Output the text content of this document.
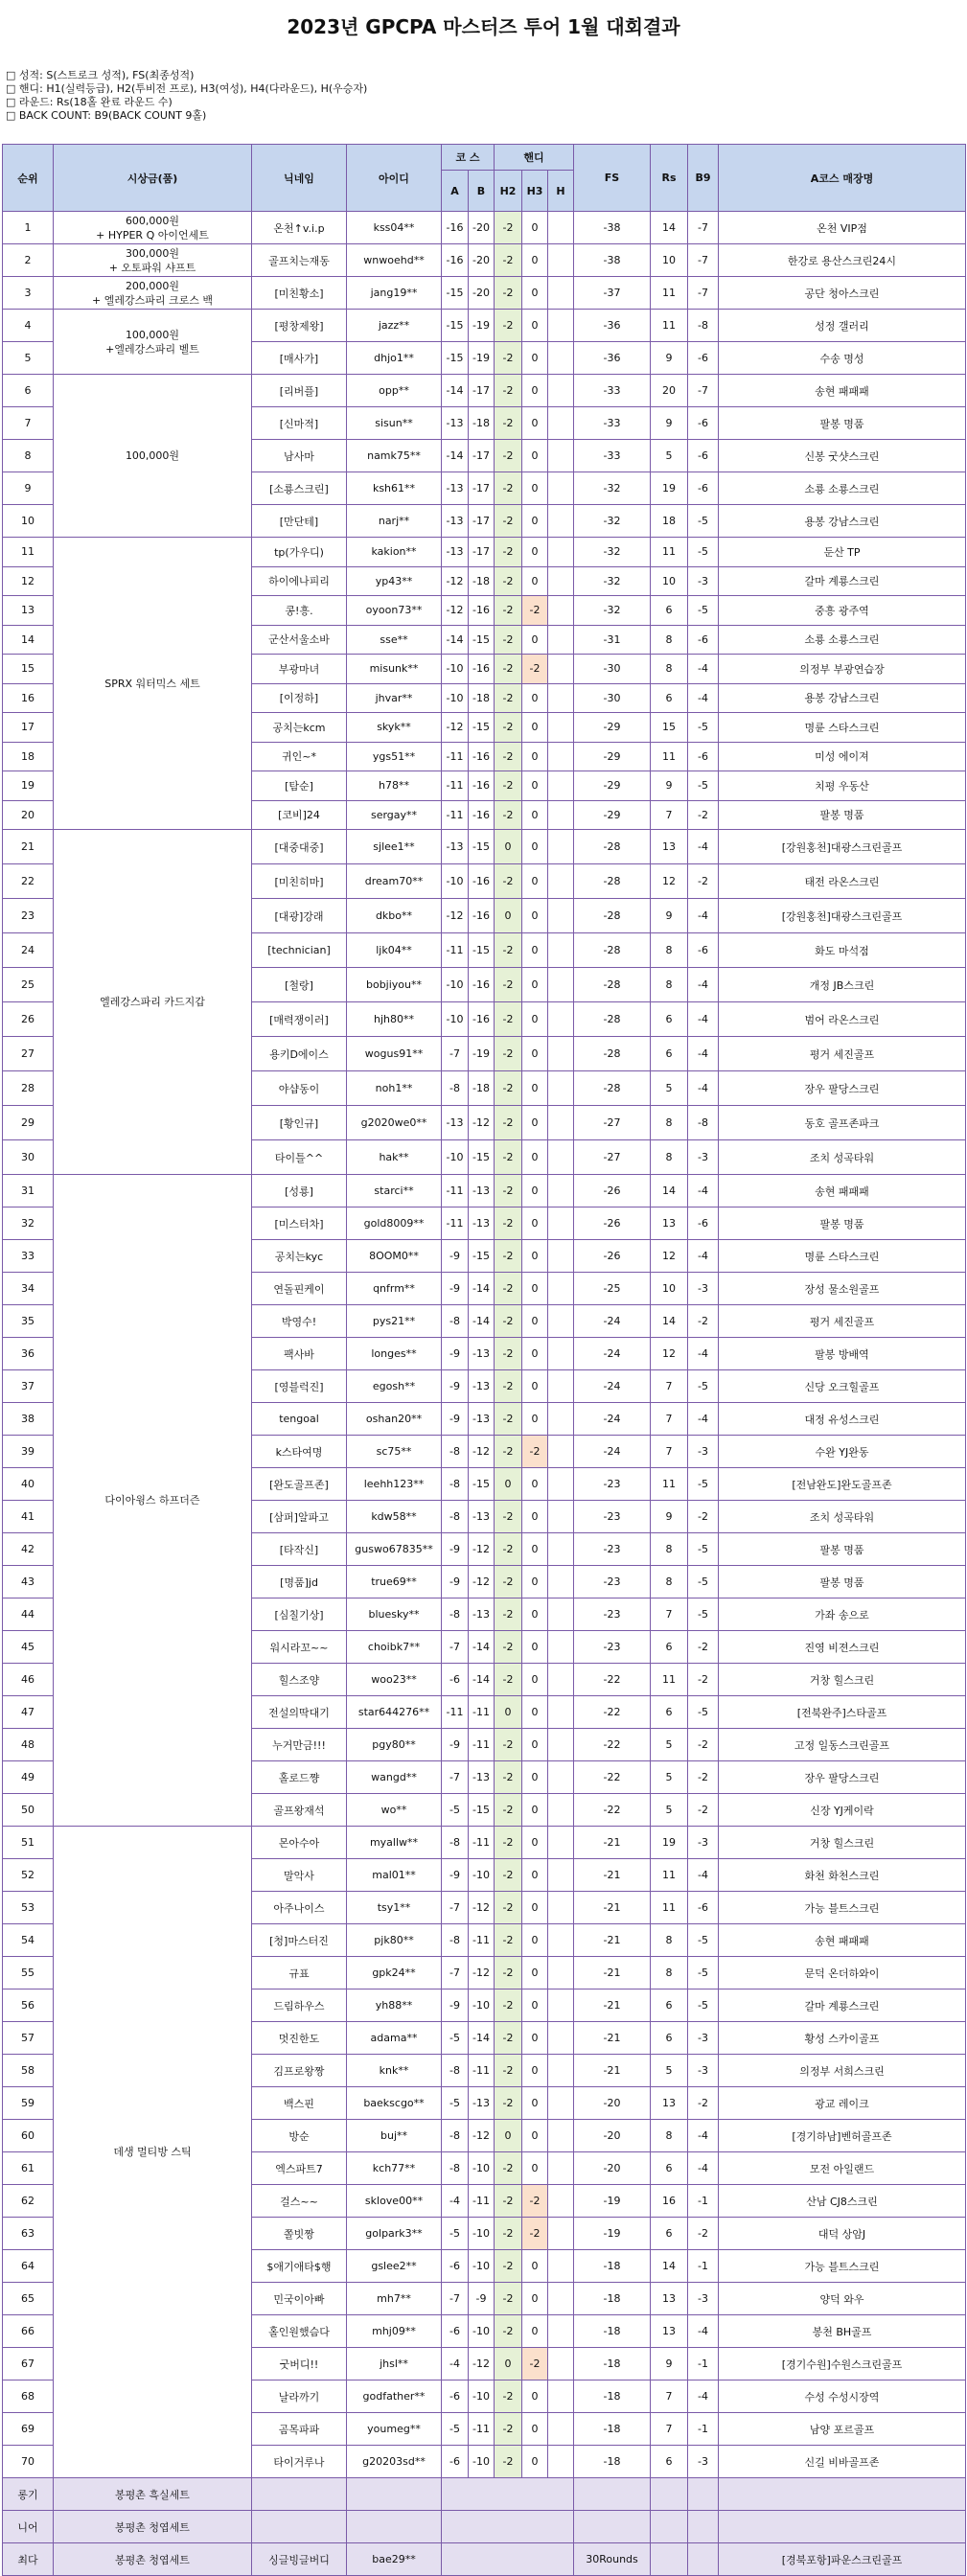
2023년 GPCPA 마스터즈 투어 1월 대회결과
□ 성적: S(스트로크 성적), FS(최종성적)
□ 핸디: H1(실력등급), H2(투비전 프로), H3(여성), H4(다라운드), H(우승자)
□ 라운드: Rs(18홀 완료 라운드 수)
□ BACK COUNT: B9(BACK COUNT 9홀)
순위	시상금(품)	닉네임	아이디	코 스		핸디			FS	Rs	B9	A코스 매장명
				A	B	H2	H3	H				
1	600,000원
+ HYPER Q 아이언세트	온천↑v.i.p	kss04**	-16	-20	-2	0		-38	14	-7	온천 VIP점
2	300,000원
+ 오토파워 샤프트	골프치는재동	wnwoehd**	-16	-20	-2	0		-38	10	-7	한강로 용산스크린24시
3	200,000원
+ 엘레강스파리 크로스 백	[미친황소]	jang19**	-15	-20	-2	0		-37	11	-7	공단 청아스크린
4	100,000원
+엘레강스파리 벨트	[평창제왕]	jazz**	-15	-19	-2	0		-36	11	-8	성정 갤러리
5		[매사가]	dhjo1**	-15	-19	-2	0		-36	9	-6	수송 명성
6	100,000원	[리버플]	opp**	-14	-17	-2	0		-33	20	-7	송현 패패패
7		[신마적]	sisun**	-13	-18	-2	0		-33	9	-6	팔봉 명품
8		남사마	namk75**	-14	-17	-2	0		-33	5	-6	신봉 굿샷스크린
9		[소룡스크린]	ksh61**	-13	-17	-2	0		-32	19	-6	소룡 소룡스크린
10		[만단테]	narj**	-13	-17	-2	0		-32	18	-5	용봉 강남스크린
11	SPRX 워터믹스 세트	tp(가우디)	kakion**	-13	-17	-2	0		-32	11	-5	둔산 TP
12		하이에나피리	yp43**	-12	-18	-2	0		-32	10	-3	갈마 계룡스크린
13		콩!흥.	oyoon73**	-12	-16	-2	-2		-32	6	-5	중흥 광주역
14		군산서울소바	sse**	-14	-15	-2	0		-31	8	-6	소룡 소룡스크린
15		부광마녀	misunk**	-10	-16	-2	-2		-30	8	-4	의정부 부광연습장
16		[이정하]	jhvar**	-10	-18	-2	0		-30	6	-4	용봉 강남스크린
17		공치는kcm	skyk**	-12	-15	-2	0		-29	15	-5	명륜 스타스크린
18		귀인~*	ygs51**	-11	-16	-2	0		-29	11	-6	미성 에이져
19		[탐순]	h78**	-11	-16	-2	0		-29	9	-5	치평 우동산
20		[코비]24	sergay**	-11	-16	-2	0		-29	7	-2	팔봉 명품
21	엘레강스파리 카드지갑	[대중대중]	sjlee1**	-13	-15	0	0		-28	13	-4	[강원홍천]대광스크린골프
22		[미친히마]	dream70**	-10	-16	-2	0		-28	12	-2	태전 라온스크린
23		[대광]강래	dkbo**	-12	-16	0	0		-28	9	-4	[강원홍천]대광스크린골프
24		[technician]	ljk04**	-11	-15	-2	0		-28	8	-6	화도 마석점
25		[철랑]	bobjiyou**	-10	-16	-2	0		-28	8	-4	개정 JB스크린
26		[매력쟁이러]	hjh80**	-10	-16	-2	0		-28	6	-4	범어 라온스크린
27		용키D에이스	wogus91**	-7	-19	-2	0		-28	6	-4	평거 세진골프
28		야샵동이	noh1**	-8	-18	-2	0		-28	5	-4	장우 팔당스크린
29		[황인규]	g2020we0**	-13	-12	-2	0		-27	8	-8	동호 골프존파크
30		타이틀^^	hak**	-10	-15	-2	0		-27	8	-3	조치 성곡타워
31	다이아윙스 하프더즌	[성룡]	starci**	-11	-13	-2	0		-26	14	-4	송현 패패패
32		[미스터차]	gold8009**	-11	-13	-2	0		-26	13	-6	팔봉 명품
33		공치는kyc	8OOM0**	-9	-15	-2	0		-26	12	-4	명륜 스타스크린
34		연돌핀케이	qnfrm**	-9	-14	-2	0		-25	10	-3	장성 물소원골프
35		박영수!	pys21**	-8	-14	-2	0		-24	14	-2	평거 세진골프
36		팩사바	longes**	-9	-13	-2	0		-24	12	-4	팔봉 방배역
37		[영블럭진]	egosh**	-9	-13	-2	0		-24	7	-5	신당 오크힐골프
38		tengoal	oshan20**	-9	-13	-2	0		-24	7	-4	대정 유성스크린
39		k스타여명	sc75**	-8	-12	-2	-2		-24	7	-3	수완 YJ완동
40		[완도골프존]	leehh123**	-8	-15	0	0		-23	11	-5	[전남완도]완도골프존
41		[삼퍼]알파고	kdw58**	-8	-13	-2	0		-23	9	-2	조치 성곡타워
42		[타작신]	guswo67835**	-9	-12	-2	0		-23	8	-5	팔봉 명품
43		[명품]jd	true69**	-9	-12	-2	0		-23	8	-5	팔봉 명품
44		[심칠기상]	bluesky**	-8	-13	-2	0		-23	7	-5	가좌 송으로
45		워시라꼬~~	choibk7**	-7	-14	-2	0		-23	6	-2	진영 비젼스크린
46		힐스조양	woo23**	-6	-14	-2	0		-22	11	-2	거창 힐스크린
47		전설의딱대기	star644276**	-11	-11	0	0		-22	6	-5	[전북완주]스타골프
48		누거만금!!!	pgy80**	-9	-11	-2	0		-22	5	-2	고정 일동스크린골프
49		홀로드쨩	wangd**	-7	-13	-2	0		-22	5	-2	장우 팔당스크린
50		골프왕재석	wo**	-5	-15	-2	0		-22	5	-2	신장 YJ케이락
51	데생 멀티방 스틱	몬아수아	myallw**	-8	-11	-2	0		-21	19	-3	거창 힐스크린
52		말악사	mal01**	-9	-10	-2	0		-21	11	-4	화천 화천스크린
53		아주나이스	tsy1**	-7	-12	-2	0		-21	11	-6	가능 블트스크린
54		[청]마스터진	pjk80**	-8	-11	-2	0		-21	8	-5	송현 패패패
55		규표	gpk24**	-7	-12	-2	0		-21	8	-5	문덕 온더하와이
56		드림하우스	yh88**	-9	-10	-2	0		-21	6	-5	갈마 계룡스크린
57		멋진한도	adama**	-5	-14	-2	0		-21	6	-3	황성 스카이골프
58		김프로왕짱	knk**	-8	-11	-2	0		-21	5	-3	의정부 서희스크린
59		백스핀	baekscgo**	-5	-13	-2	0		-20	13	-2	광교 레이크
60		방순	buj**	-8	-12	0	0		-20	8	-4	[경기하남]벤허골프존
61		엑스파트7	kch77**	-8	-10	-2	0		-20	6	-4	모전 아일랜드
62		걸스~~	sklove00**	-4	-11	-2	-2		-19	16	-1	산남 CJ8스크린
63		쫄빗짱	golpark3**	-5	-10	-2	-2		-19	6	-2	대덕 상암J
64		$애기애타$행	gslee2**	-6	-10	-2	0		-18	14	-1	가능 블트스크린
65		민국이아빠	mh7**	-7	-9	-2	0		-18	13	-3	양덕 와우
66		홀인원했슴다	mhj09**	-6	-10	-2	0		-18	13	-4	봉천 BH골프
67		굿버디!!	jhsl**	-4	-12	0	-2		-18	9	-1	[경기수원]수원스크린골프
68		날라까기	godfather**	-6	-10	-2	0		-18	7	-4	수성 수성시장역
69		곰목파파	youmeg**	-5	-11	-2	0		-18	7	-1	남양 포르골프
70		타이거루나	g20203sd**	-6	-10	-2	0		-18	6	-3	신길 비바골프존
롱기	봉평촌 흑실세트											
니어	봉평촌 청엽세트											
최다	봉평촌 청엽세트	싱글빙글버디	bae29**						30Rounds			[경북포항]파운스크린골프
